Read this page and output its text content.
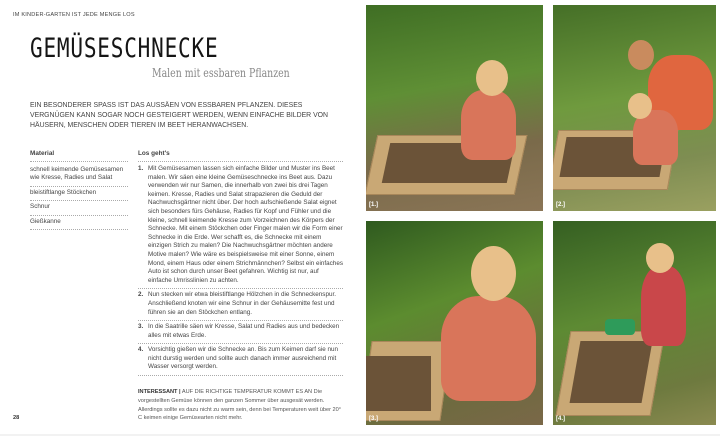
IM KINDER-GARTEN IST JEDE MENGE LOS
GEMÜSESCHNECKE
Malen mit essbaren Pflanzen

EIN BESONDERER SPASS IST DAS AUSSÄEN VON ESSBAREN PFLANZEN. DIESES VERGNÜGEN KANN SOGAR NOCH GESTEIGERT WERDEN, WENN EINFACHE BILDER VON HÄUSERN, MENSCHEN ODER TIEREN IM BEET HERANWACHSEN.

Material
schnell keimende Gemüsesamen wie Kresse, Radies und Salat
bleistiftlange Stöckchen
Schnur
Gießkanne
Los geht's
1. Mit Gemüsesamen lassen sich einfache Bilder und Muster ins Beet malen. Wir säen eine kleine Gemüseschnecke ins Beet aus. Dazu verwenden wir nur Samen, die innerhalb von zwei bis drei Tagen keimen. Kresse, Radies und Salat strapazieren die Geduld der Nachwuchsgärtner nicht über. Der hoch aufschießende Salat eignet sich besonders fürs Gehäuse, Radies für Kopf und Fühler und die kleine, schnell keimende Kresse zum Vorzeichnen des Körpers der Schnecke. Mit einem Stöckchen oder Finger malen wir die Form einer Schnecke in die Erde. Wer schafft es, die Schnecke mit einem einzigen Strich zu malen? Die Nachwuchsgärtner möchten andere Motive malen? Wie wäre es beispielsweise mit einer Sonne, einem Mond, einem Haus oder einem Strichmännchen? Selbst ein einfaches Auto ist schon durch unser Beet gefahren. Wichtig ist nur, auf einfache Umrisslinien zu achten.
2. Nun stecken wir etwa bleistiftlange Hölzchen in die Schneckenspur. Anschließend knoten wir eine Schnur in der Gehäusemitte fest und führen sie an den Stöckchen entlang.
3. In die Saatrille säen wir Kresse, Salat und Radies aus und bedecken alles mit etwas Erde.
4. Vorsichtig gießen wir die Schnecke an. Bis zum Keimen darf sie nun nicht durstig werden und sollte auch danach immer ausreichend mit Wasser versorgt werden.
INTERESSANT | AUF DIE RICHTIGE TEMPERATUR KOMMT ES AN Die vorgestellten Gemüse können den ganzen Sommer über ausgesät werden. Allerdings sollte es dazu nicht zu warm sein, denn bei Temperaturen weit über 20° C keimen einige Gemüsearten nicht mehr.
28
[1.]	[2.]
[3.]	[4.]
